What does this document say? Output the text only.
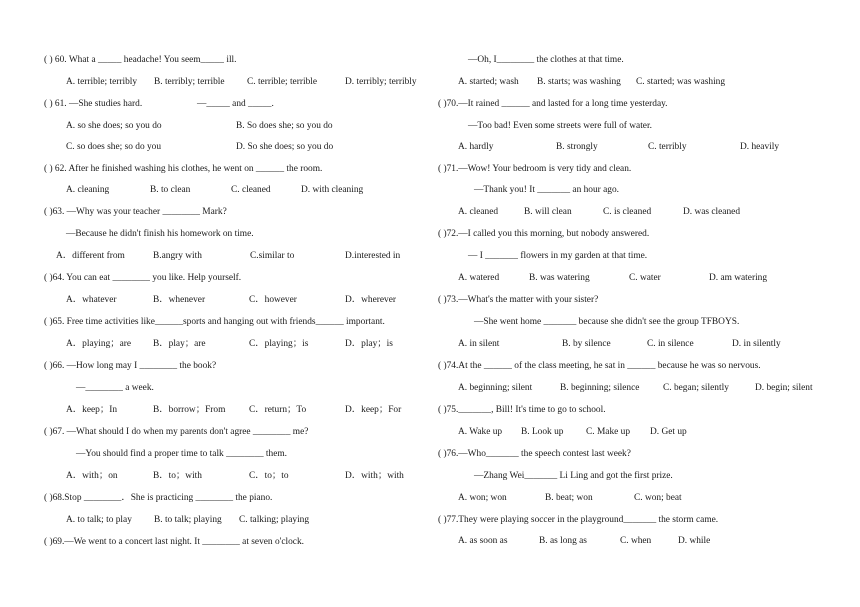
( ) 60. What a _____ headache! You seem_____ ill.
A. terrible; terribly	B. terribly; terrible	C. terrible; terrible	D. terribly; terribly
( ) 61. —She studies hard.	—_____ and _____.
A. so she does; so you do	B. So does she; so you do
C. so does she; so do you	D. So she does; so you do
( ) 62. After he finished washing his clothes, he went on ______ the room.
A. cleaning	B. to clean	C. cleaned	D. with cleaning
( )63. —Why was your teacher ________ Mark?
—Because he didn't finish his homework on time.
A．different from	B.angry with	C.similar to	D.interested in
( )64. You can eat ________ you like. Help yourself.
A．whatever	B．whenever	C．however	D．wherever
( )65. Free time activities like______sports and hanging out with friends______ important.
A．playing；are	B．play；are	C．playing；is	D．play；is
( )66. —How long may I ________ the book?
—________ a week.
A．keep；In	B．borrow；From	C．return；To	D．keep；For
( )67. —What should I do when my parents don't agree ________ me?
—You should find a proper time to talk ________ them.
A．with；on	B．to；with	C．to；to	D．with；with
( )68.Stop ________．She is practicing ________ the piano.
A. to talk; to play	B. to talk; playing	C. talking; playing
( )69.—We went to a concert last night. It ________ at seven o'clock.
—Oh, I________ the clothes at that time.
A. started; wash	B. starts; was washing	C. started; was washing
( )70.—It rained ______ and lasted for a long time yesterday.
—Too bad! Even some streets were full of water.
A. hardly	B. strongly	C. terribly	D. heavily
( )71.—Wow! Your bedroom is very tidy and clean.
—Thank you! It _______ an hour ago.
A. cleaned	B. will clean	C. is cleaned	D. was cleaned
( )72.—I called you this morning, but nobody answered.
— I _______ flowers in my garden at that time.
A. watered	B. was watering	C. water	D. am watering
( )73.—What's the matter with your sister?
—She went home _______ because she didn't see the group TFBOYS.
A. in silent	B. by silence	C. in silence	D. in silently
( )74.At the ______ of the class meeting, he sat in ______ because he was so nervous.
A. beginning; silent	B. beginning; silence	C. began; silently	D. begin; silent
( )75._______, Bill! It's time to go to school.
A. Wake up	B. Look up	C. Make up	D. Get up
( )76.—Who_______ the speech contest last week?
—Zhang Wei_______ Li Ling and got the first prize.
A. won; won	B. beat; won	C. won; beat
( )77.They were playing soccer in the playground_______ the storm came.
A. as soon as	B. as long as	C. when	D. while
